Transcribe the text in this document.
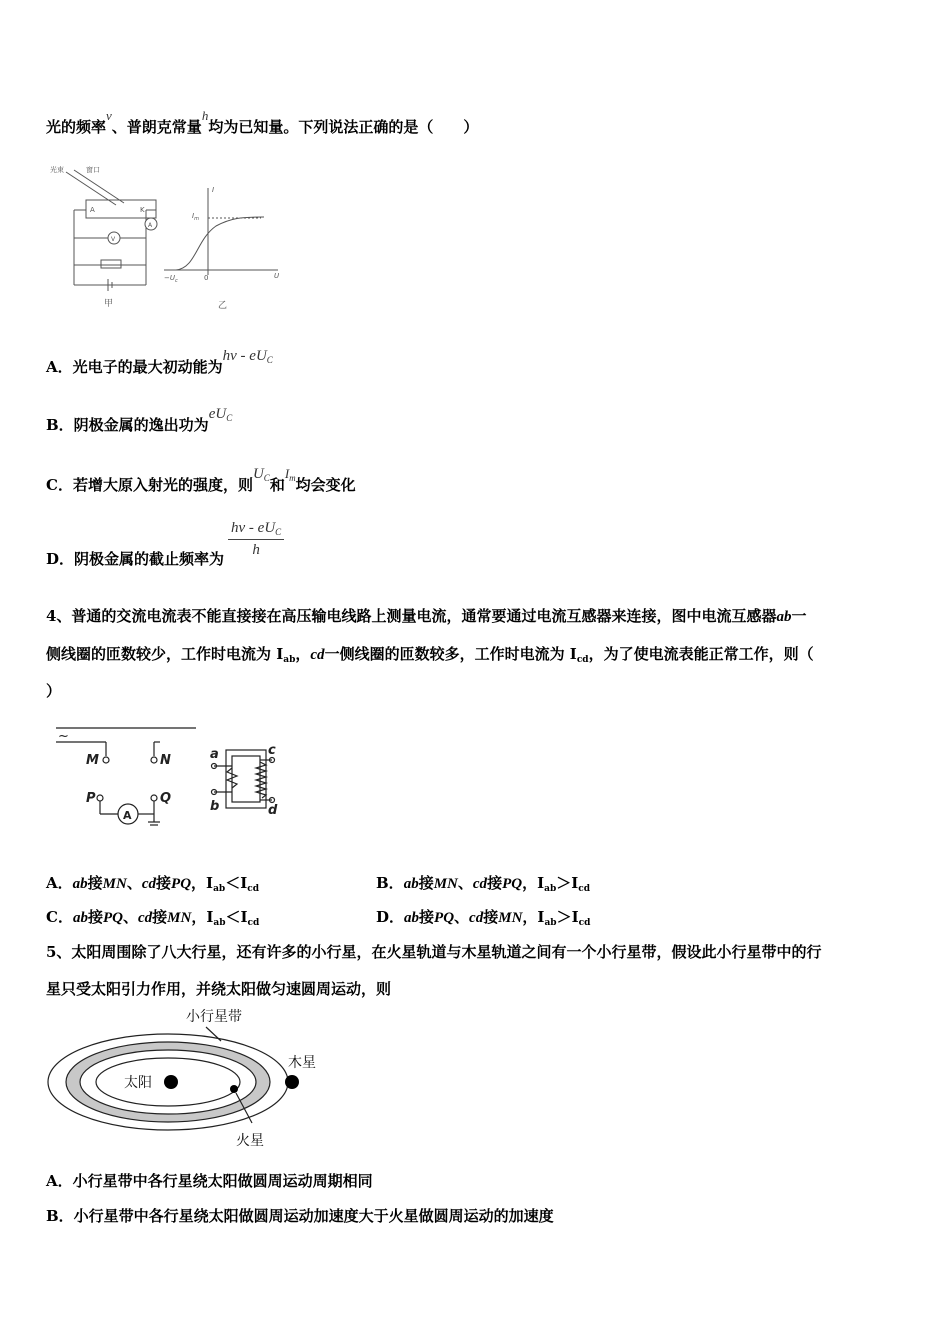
光的频率v、普朗克常量h均为已知量。下列说法正确的是（　　）
光束	窗口
A	K
V
A
甲	乙
I
$I_m$
U
$-U_c$	0
A．光电子的最大初动能为hν - $eU_C$
B．阴极金属的逸出功为$eU_C$
C．若增大原入射光的强度，则$U_C$和$I_m$均会变化
D．阴极金属的截止频率为 $\frac{h\nu - eU_C}{h}$
4、普通的交流电流表不能直接接在高压输电线路上测量电流，通常要通过电流互感器来连接，图中电流互感器ab一
侧线圈的匝数较少，工作时电流为 $I_{ab}$，cd一侧线圈的匝数较多，工作时电流为 $I_{cd}$，为了使电流表能正常工作，则（
）
~
M	N
P	Q
A
a
b
c
d
A．ab接MN、cd接PQ，$I_{ab}<I_{cd}$	B．ab接MN、cd接PQ，$I_{ab}>I_{cd}$
C．ab接PQ、cd接MN，$I_{ab}<I_{cd}$	D．ab接PQ、cd接MN，$I_{ab}>I_{cd}$
5、太阳周围除了八大行星，还有许多的小行星，在火星轨道与木星轨道之间有一个小行星带，假设此小行星带中的行
星只受太阳引力作用，并绕太阳做匀速圆周运动，则
小行星带
木星
太阳
火星
A．小行星带中各行星绕太阳做圆周运动周期相同
B．小行星带中各行星绕太阳做圆周运动加速度大于火星做圆周运动的加速度
